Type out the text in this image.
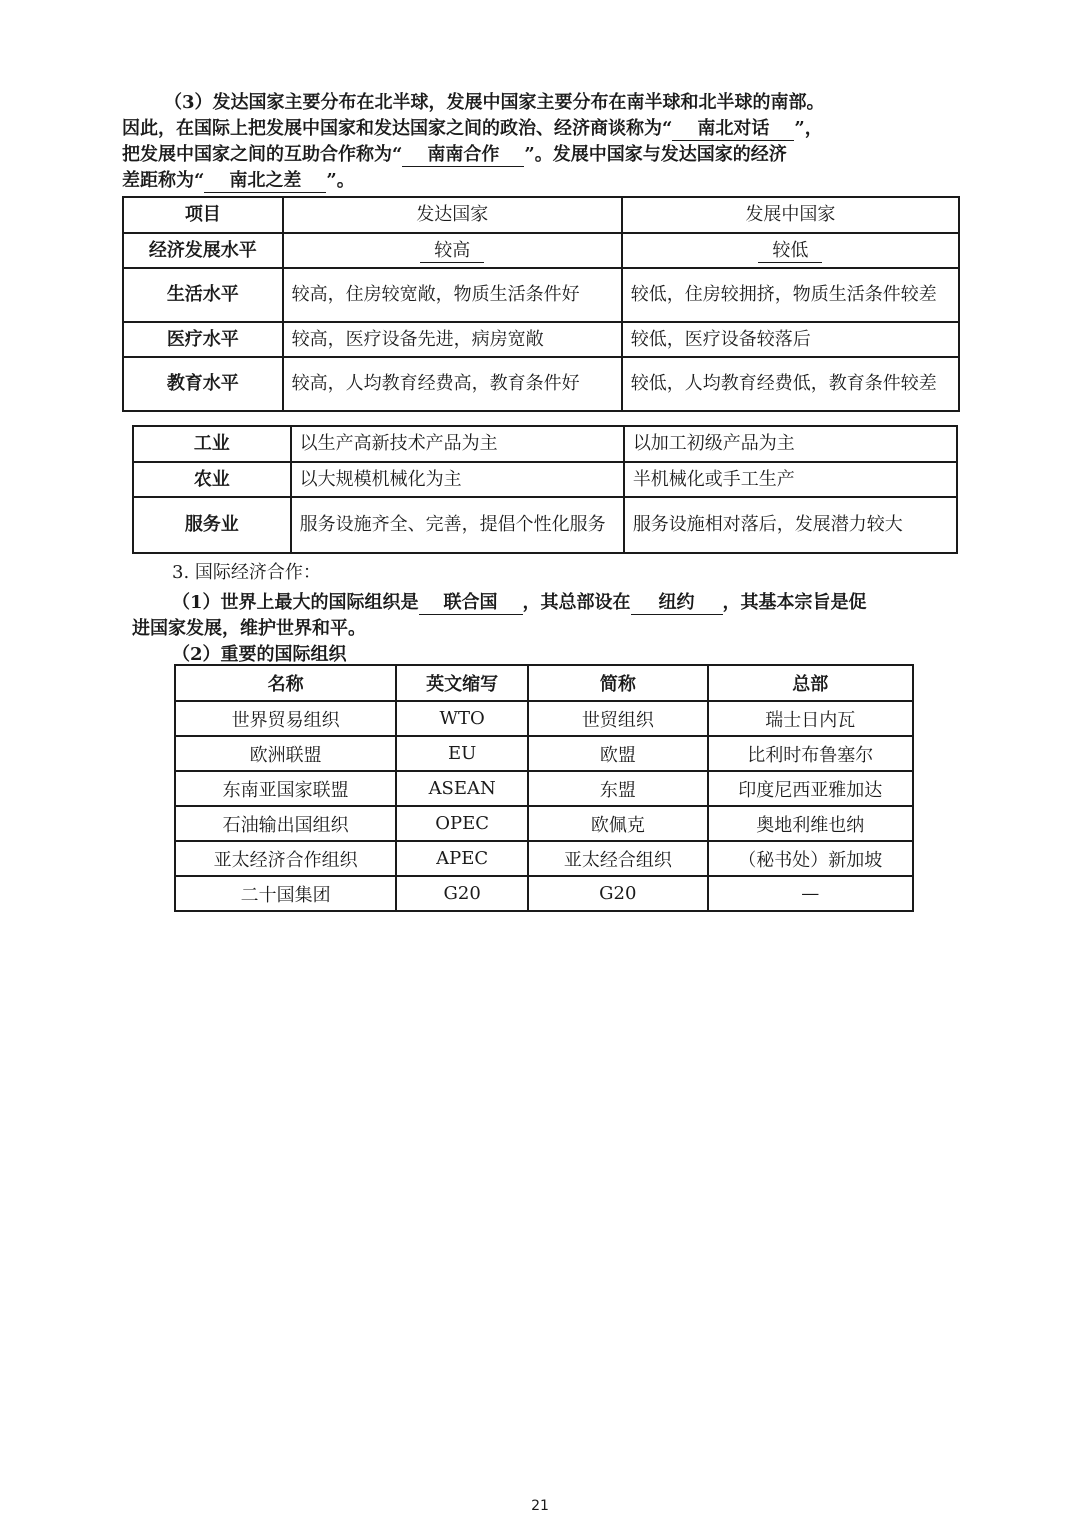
（3）发达国家主要分布在北半球，发展中国家主要分布在南半球和北半球的南部。

因此，在国际上把发展中国家和发达国家之间的政治、经济商谈称为“ 南北对话 ”，

把发展中国家之间的互助合作称为“ 南南合作 ”。发展中国家与发达国家的经济

差距称为“ 南北之差 ”。

项目	发达国家	发展中国家
经济发展水平	较高	较低
生活水平	较高，住房较宽敞，物质生活条件好	较低，住房较拥挤，物质生活条件较差
医疗水平	较高，医疗设备先进，病房宽敞	较低，医疗设备较落后
教育水平	较高，人均教育经费高，教育条件好	较低，人均教育经费低，教育条件较差
工业	以生产高新技术产品为主	以加工初级产品为主
农业	以大规模机械化为主	半机械化或手工生产
服务业	服务设施齐全、完善，提倡个性化服务	服务设施相对落后，发展潜力较大

3. 国际经济合作：

（1）世界上最大的国际组织是 联合国 ，其总部设在 纽约 ，其基本宗旨是促

进国家发展，维护世界和平。

（2）重要的国际组织

名称	英文缩写	简称	总部
世界贸易组织	WTO	世贸组织	瑞士日内瓦
欧洲联盟	EU	欧盟	比利时布鲁塞尔
东南亚国家联盟	ASEAN	东盟	印度尼西亚雅加达
石油输出国组织	OPEC	欧佩克	奥地利维也纳
亚太经济合作组织	APEC	亚太经合组织	（秘书处）新加坡
二十国集团	G20	G20	—
21
